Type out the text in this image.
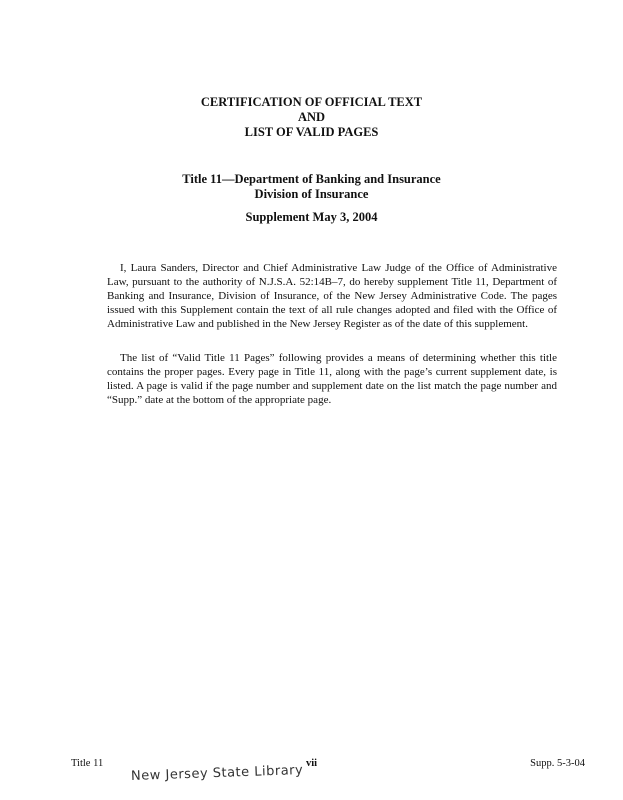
CERTIFICATION OF OFFICIAL TEXT
AND
LIST OF VALID PAGES
Title 11—Department of Banking and Insurance
Division of Insurance
Supplement May 3, 2004

I, Laura Sanders, Director and Chief Administrative Law Judge of the Office of Administrative Law, pursuant to the authority of N.J.S.A. 52:14B–7, do hereby supplement Title 11, Department of Banking and Insurance, Division of Insurance, of the New Jersey Administrative Code. The pages issued with this Supplement contain the text of all rule changes adopted and filed with the Office of Administrative Law and published in the New Jersey Register as of the date of this supplement.

The list of “Valid Title 11 Pages” following provides a means of determining whether this title contains the proper pages. Every page in Title 11, along with the page’s current supplement date, is listed. A page is valid if the page number and supplement date on the list match the page number and “Supp.” date at the bottom of the appropriate page.

Title 11	vii	Supp. 5-3-04
New Jersey State Library
